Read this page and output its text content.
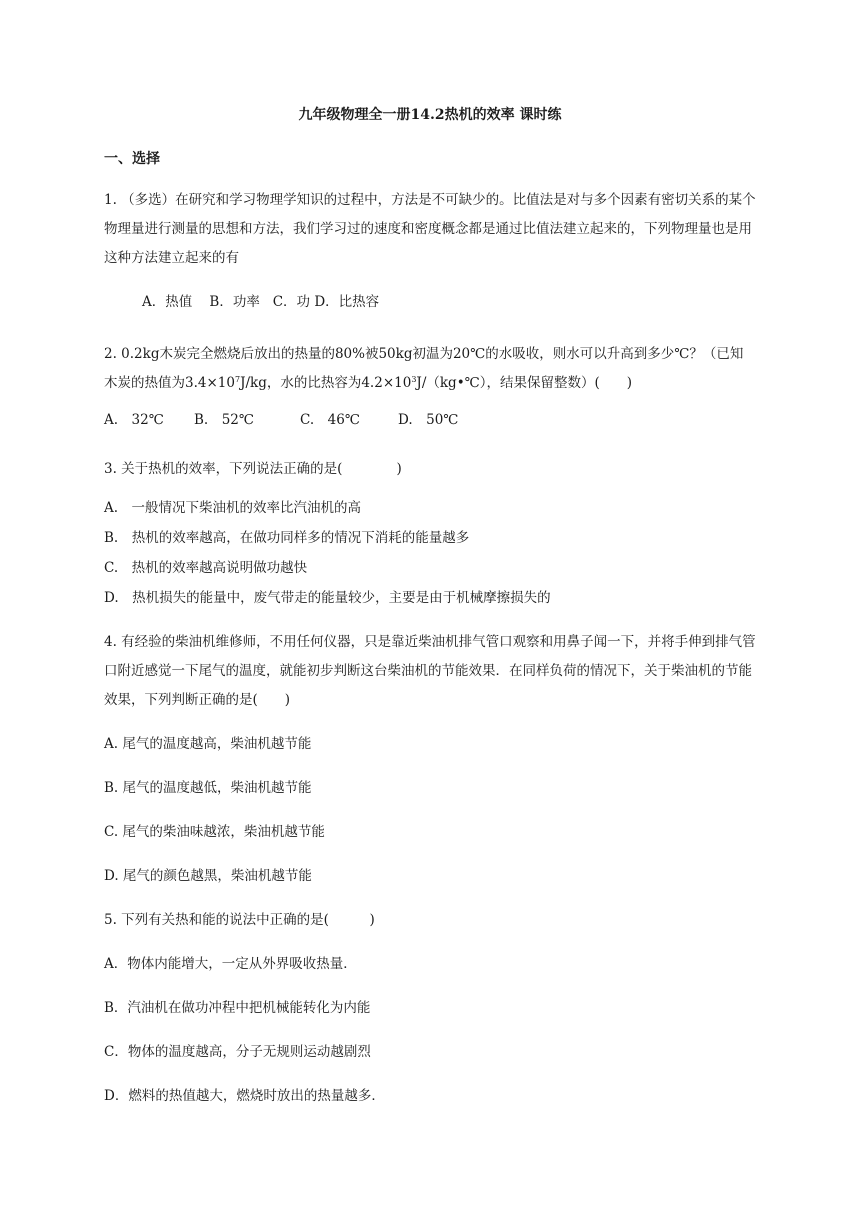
九年级物理全一册14.2热机的效率 课时练
一、选择
1. （多选）在研究和学习物理学知识的过程中，方法是不可缺少的。比值法是对与多个因素有密切关系的某个物理量进行测量的思想和方法，我们学习过的速度和密度概念都是通过比值法建立起来的，下列物理量也是用这种方法建立起来的有
A．热值    B．功率   C．功 D．比热容
2. 0.2kg木炭完全燃烧后放出的热量的80%被50kg初温为20℃的水吸收，则水可以升高到多少℃？（已知木炭的热值为$3.4\times 10^7J/kg$，水的比热容为$4.2\times 10^3J/(kg•℃)$，结果保留整数）(　　)
A.　32℃ B.　52℃	C.　46℃	D.　50℃
3. 关于热机的效率，下列说法正确的是(　　　　)
A.　一般情况下柴油机的效率比汽油机的高
B.　热机的效率越高，在做功同样多的情况下消耗的能量越多
C.　热机的效率越高说明做功越快
D.　热机损失的能量中，废气带走的能量较少，主要是由于机械摩擦损失的
4. 有经验的柴油机维修师，不用任何仪器，只是靠近柴油机排气管口观察和用鼻子闻一下，并将手伸到排气管口附近感觉一下尾气的温度，就能初步判断这台柴油机的节能效果．在同样负荷的情况下，关于柴油机的节能效果，下列判断正确的是(　　)
A. 尾气的温度越高，柴油机越节能
B. 尾气的温度越低，柴油机越节能
C. 尾气的柴油味越浓，柴油机越节能
D. 尾气的颜色越黑，柴油机越节能
5. 下列有关热和能的说法中正确的是(　　　)
A．物体内能增大，一定从外界吸收热量．
B．汽油机在做功冲程中把机械能转化为内能
C．物体的温度越高，分子无规则运动越剧烈
D．燃料的热值越大，燃烧时放出的热量越多．
